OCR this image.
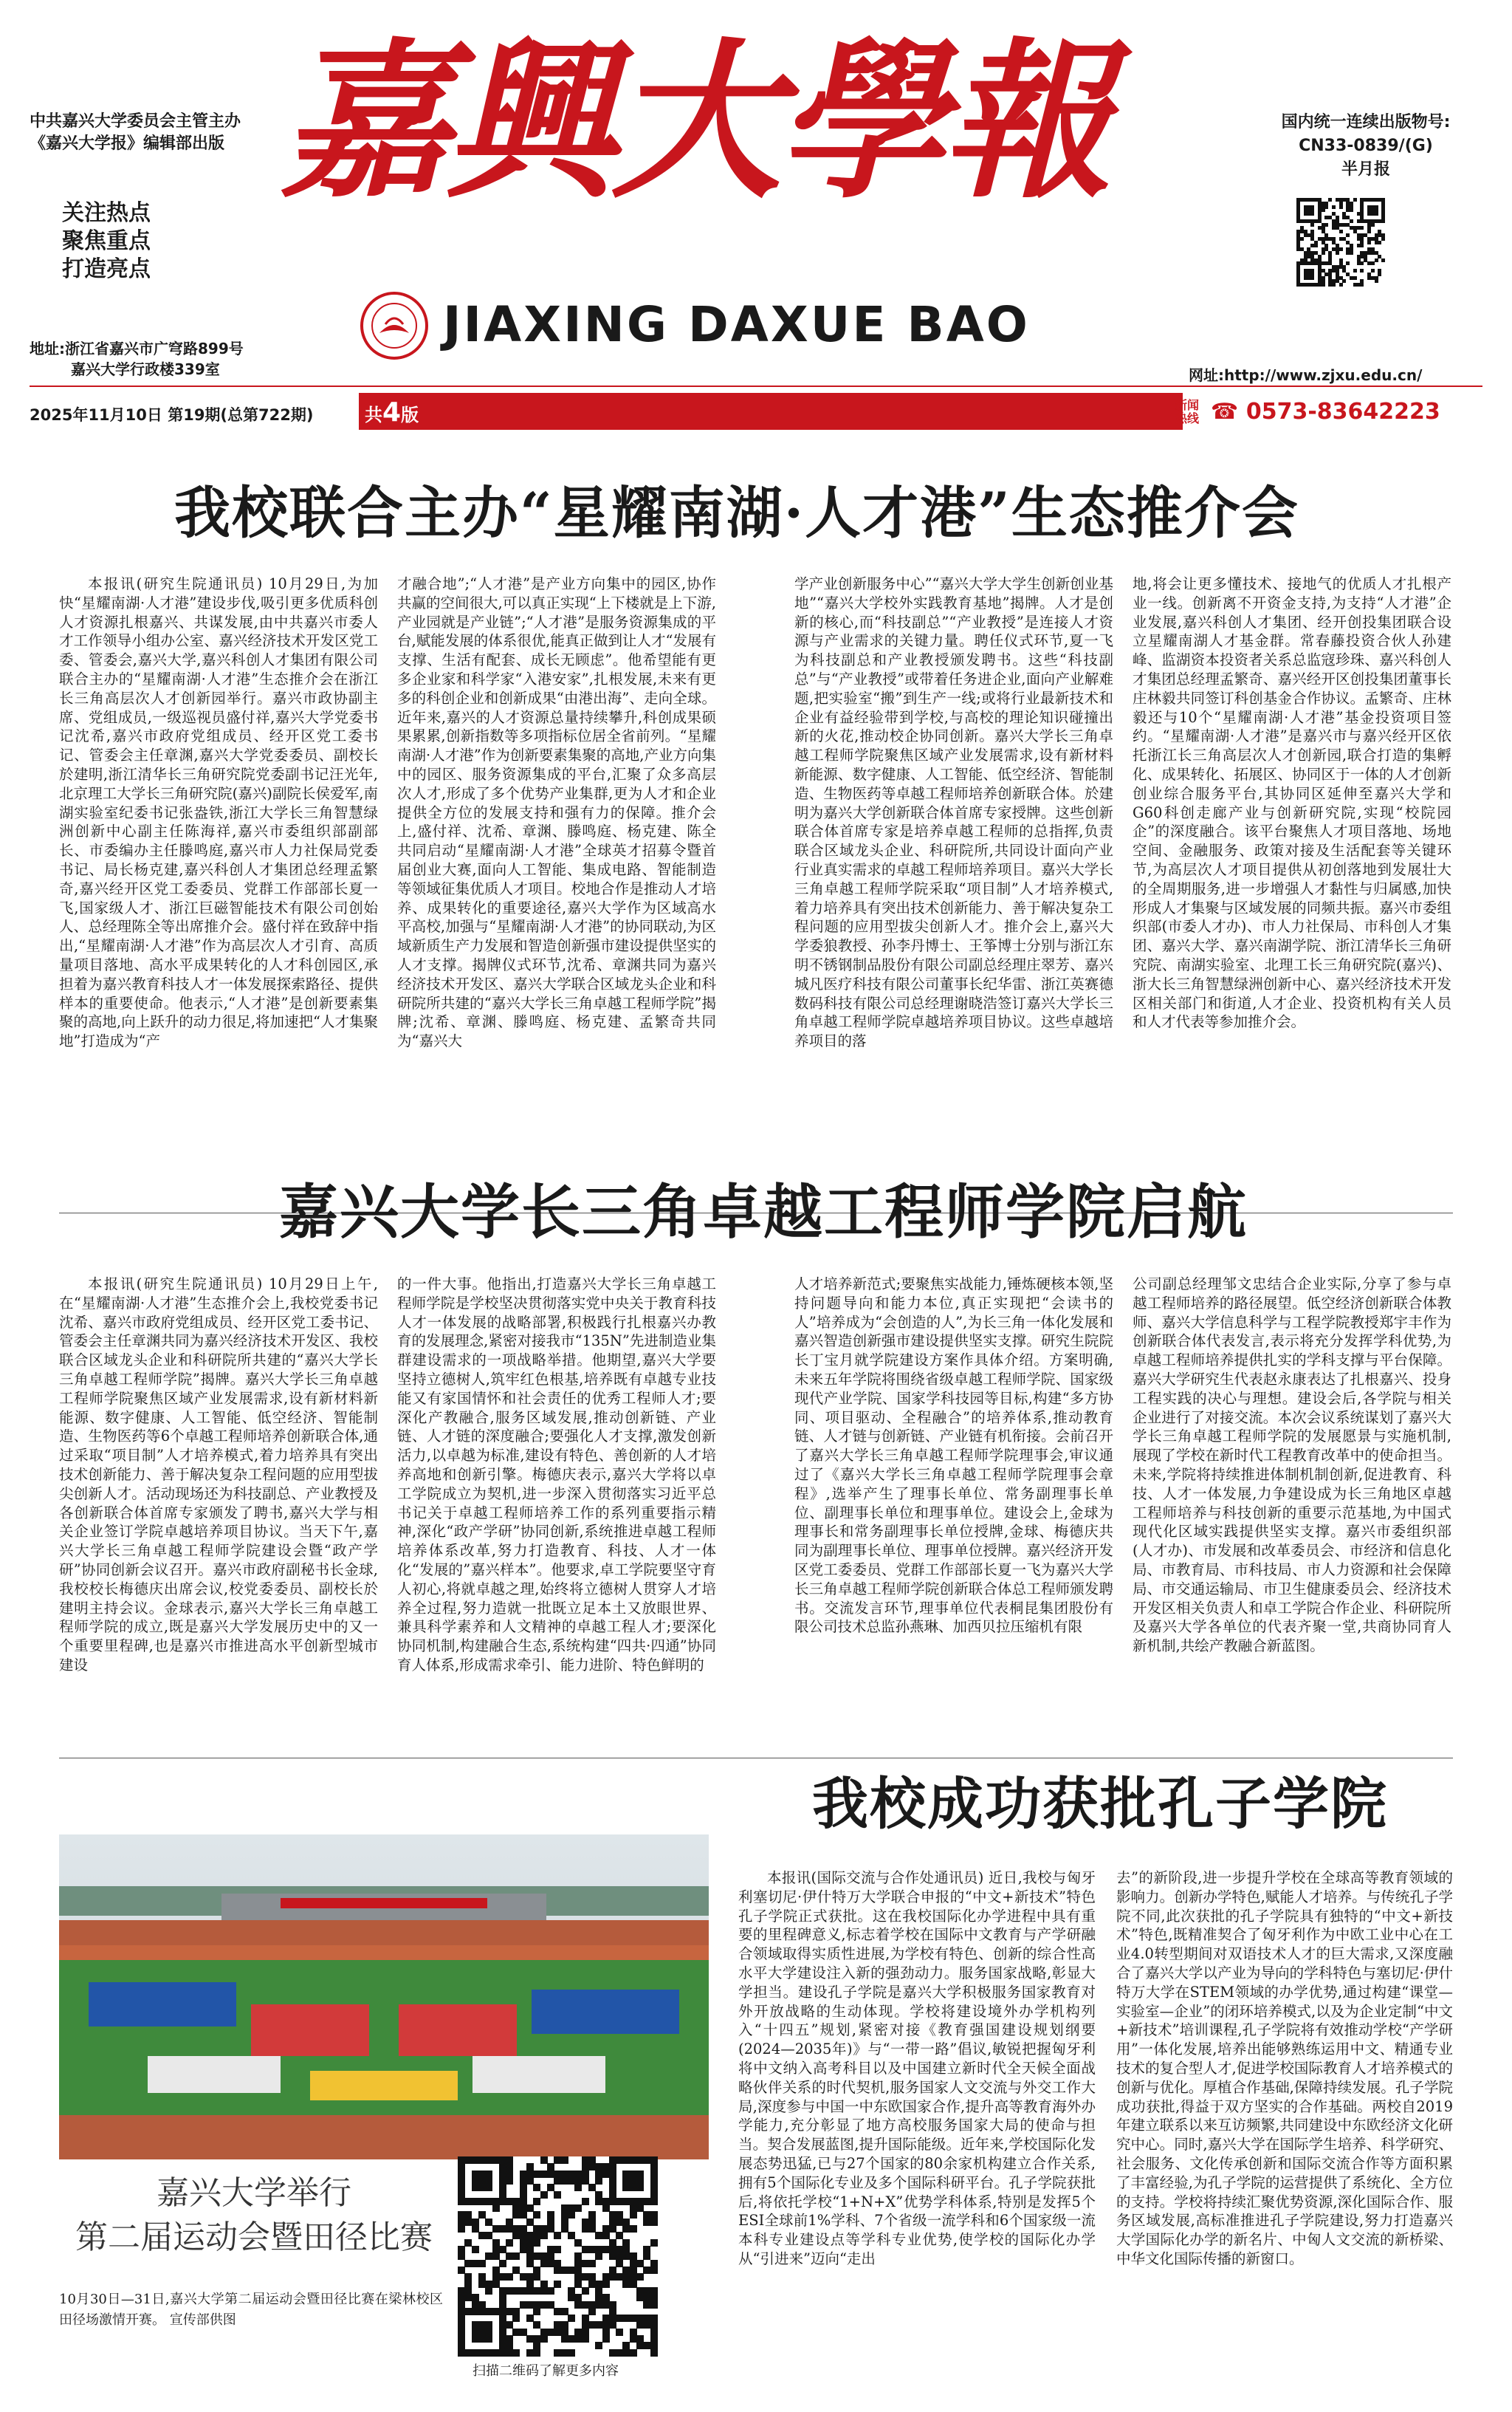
中共嘉兴大学委员会主管主办
《嘉兴大学报》编辑部出版
关注热点
聚焦重点
打造亮点
地址:浙江省嘉兴市广穹路899号
嘉兴大学行政楼339室
嘉興大學報
JIAXING DAXUE BAO
国内统一连续出版物号:
CN33-0839/(G)
半月报
网址:http://www.zjxu.edu.cn/
2025年11月10日 第19期(总第722期)	共4版	新闻热线 ☎ 0573-83642223
我校联合主办“星耀南湖·人才港”生态推介会

本报讯(研究生院通讯员) 10月29日,为加快“星耀南湖·人才港”建设步伐,吸引更多优质科创人才资源扎根嘉兴、共谋发展,由中共嘉兴市委人才工作领导小组办公室、嘉兴经济技术开发区党工委、管委会,嘉兴大学,嘉兴科创人才集团有限公司联合主办的“星耀南湖·人才港”生态推介会在浙江长三角高层次人才创新园举行。嘉兴市政协副主席、党组成员,一级巡视员盛付祥,嘉兴大学党委书记沈希,嘉兴市政府党组成员、经开区党工委书记、管委会主任章渊,嘉兴大学党委委员、副校长於建明,浙江清华长三角研究院党委副书记汪光年,北京理工大学长三角研究院(嘉兴)副院长侯爱军,南湖实验室纪委书记张盎铁,浙江大学长三角智慧绿洲创新中心副主任陈海祥,嘉兴市委组织部副部长、市委编办主任滕鸣庭,嘉兴市人力社保局党委书记、局长杨克建,嘉兴科创人才集团总经理孟繁奇,嘉兴经开区党工委委员、党群工作部部长夏一飞,国家级人才、浙江巨磁智能技术有限公司创始人、总经理陈全等出席推介会。盛付祥在致辞中指出,“星耀南湖·人才港”作为高层次人才引育、高质量项目落地、高水平成果转化的人才科创园区,承担着为嘉兴教育科技人才一体发展探索路径、提供样本的重要使命。他表示,“人才港”是创新要素集聚的高地,向上跃升的动力很足,将加速把“人才集聚地”打造成为“产

才融合地”;“人才港”是产业方向集中的园区,协作共赢的空间很大,可以真正实现“上下楼就是上下游,产业园就是产业链”;“人才港”是服务资源集成的平台,赋能发展的体系很优,能真正做到让人才“发展有支撑、生活有配套、成长无顾虑”。他希望能有更多企业家和科学家“入港安家”,扎根发展,未来有更多的科创企业和创新成果“由港出海”、走向全球。近年来,嘉兴的人才资源总量持续攀升,科创成果硕果累累,创新指数等多项指标位居全省前列。“星耀南湖·人才港”作为创新要素集聚的高地,产业方向集中的园区、服务资源集成的平台,汇聚了众多高层次人才,形成了多个优势产业集群,更为人才和企业提供全方位的发展支持和强有力的保障。推介会上,盛付祥、沈希、章渊、滕鸣庭、杨克建、陈全共同启动“星耀南湖·人才港”全球英才招募令暨首届创业大赛,面向人工智能、集成电路、智能制造等领域征集优质人才项目。校地合作是推动人才培养、成果转化的重要途径,嘉兴大学作为区域高水平高校,加强与“星耀南湖·人才港”的协同联动,为区域新质生产力发展和智造创新强市建设提供坚实的人才支撑。揭牌仪式环节,沈希、章渊共同为嘉兴经济技术开发区、嘉兴大学联合区域龙头企业和科研院所共建的“嘉兴大学长三角卓越工程师学院”揭牌;沈希、章渊、滕鸣庭、杨克建、孟繁奇共同为“嘉兴大

学产业创新服务中心”“嘉兴大学大学生创新创业基地”“嘉兴大学校外实践教育基地”揭牌。人才是创新的核心,而“科技副总”“产业教授”是连接人才资源与产业需求的关键力量。聘任仪式环节,夏一飞为科技副总和产业教授颁发聘书。这些“科技副总”与“产业教授”或带着任务进企业,面向产业解难题,把实验室“搬”到生产一线;或将行业最新技术和企业有益经验带到学校,与高校的理论知识碰撞出新的火花,推动校企协同创新。嘉兴大学长三角卓越工程师学院聚焦区域产业发展需求,设有新材料新能源、数字健康、人工智能、低空经济、智能制造、生物医药等卓越工程师培养创新联合体。於建明为嘉兴大学创新联合体首席专家授牌。这些创新联合体首席专家是培养卓越工程师的总指挥,负责联合区域龙头企业、科研院所,共同设计面向产业行业真实需求的卓越工程师培养项目。嘉兴大学长三角卓越工程师学院采取“项目制”人才培养模式,着力培养具有突出技术创新能力、善于解决复杂工程问题的应用型拔尖创新人才。推介会上,嘉兴大学委狼教授、孙李丹博士、王筝博士分别与浙江东明不锈钢制品股份有限公司副总经理庄翠芳、嘉兴城凡医疗科技有限公司董事长纪华雷、浙江英赛德数码科技有限公司总经理谢晓浩签订嘉兴大学长三角卓越工程师学院卓越培养项目协议。这些卓越培养项目的落

地,将会让更多懂技术、接地气的优质人才扎根产业一线。创新离不开资金支持,为支持“人才港”企业发展,嘉兴科创人才集团、经开创投集团联合设立星耀南湖人才基金群。常春藤投资合伙人孙建峰、监湖资本投资者关系总监寇珍珠、嘉兴科创人才集团总经理孟繁奇、嘉兴经开区创投集团董事长庄林毅共同签订科创基金合作协议。孟繁奇、庄林毅还与10个“星耀南湖·人才港”基金投资项目签约。“星耀南湖·人才港”是嘉兴市与嘉兴经开区依托浙江长三角高层次人才创新园,联合打造的集孵化、成果转化、拓展区、协同区于一体的人才创新创业综合服务平台,其协同区延伸至嘉兴大学和G60科创走廊产业与创新研究院,实现“校院园企”的深度融合。该平台聚焦人才项目落地、场地空间、金融服务、政策对接及生活配套等关键环节,为高层次人才项目提供从初创落地到发展壮大的全周期服务,进一步增强人才黏性与归属感,加快形成人才集聚与区域发展的同频共振。嘉兴市委组织部(市委人才办)、市人力社保局、市科创人才集团、嘉兴大学、嘉兴南湖学院、浙江清华长三角研究院、南湖实验室、北理工长三角研究院(嘉兴)、浙大长三角智慧绿洲创新中心、嘉兴经济技术开发区相关部门和街道,人才企业、投资机构有关人员和人才代表等参加推介会。

嘉兴大学长三角卓越工程师学院启航

本报讯(研究生院通讯员) 10月29日上午,在“星耀南湖·人才港”生态推介会上,我校党委书记沈希、嘉兴市政府党组成员、经开区党工委书记、管委会主任章渊共同为嘉兴经济技术开发区、我校联合区域龙头企业和科研院所共建的“嘉兴大学长三角卓越工程师学院”揭牌。嘉兴大学长三角卓越工程师学院聚焦区域产业发展需求,设有新材料新能源、数字健康、人工智能、低空经济、智能制造、生物医药等6个卓越工程师培养创新联合体,通过采取“项目制”人才培养模式,着力培养具有突出技术创新能力、善于解决复杂工程问题的应用型拔尖创新人才。活动现场还为科技副总、产业教授及各创新联合体首席专家颁发了聘书,嘉兴大学与相关企业签订学院卓越培养项目协议。当天下午,嘉兴大学长三角卓越工程师学院建设会暨“政产学研”协同创新会议召开。嘉兴市政府副秘书长金球,我校校长梅德庆出席会议,校党委委员、副校长於建明主持会议。金球表示,嘉兴大学长三角卓越工程师学院的成立,既是嘉兴大学发展历史中的又一个重要里程碑,也是嘉兴市推进高水平创新型城市建设

的一件大事。他指出,打造嘉兴大学长三角卓越工程师学院是学校坚决贯彻落实党中央关于教育科技人才一体发展的战略部署,积极践行扎根嘉兴办教育的发展理念,紧密对接我市“135N”先进制造业集群建设需求的一项战略举措。他期望,嘉兴大学要坚持立德树人,筑牢红色根基,培养既有卓越专业技能又有家国情怀和社会责任的优秀工程师人才;要深化产教融合,服务区域发展,推动创新链、产业链、人才链的深度融合;要强化人才支撑,激发创新活力,以卓越为标准,建设有特色、善创新的人才培养高地和创新引擎。梅德庆表示,嘉兴大学将以卓工学院成立为契机,进一步深入贯彻落实习近平总书记关于卓越工程师培养工作的系列重要指示精神,深化“政产学研”协同创新,系统推进卓越工程师培养体系改革,努力打造教育、科技、人才一体化“发展的”嘉兴样本”。他要求,卓工学院要坚守育人初心,将就卓越之理,始终将立德树人贯穿人才培养全过程,努力造就一批既立足本土又放眼世界、兼具科学素养和人文精神的卓越工程人才;要深化协同机制,构建融合生态,系统构建“四共·四通”协同育人体系,形成需求牵引、能力进阶、特色鲜明的

人才培养新范式;要聚焦实战能力,锤炼硬核本领,坚持问题导向和能力本位,真正实现把“会读书的人”培养成为“会创造的人”,为长三角一体化发展和嘉兴智造创新强市建设提供坚实支撑。研究生院院长丁宝月就学院建设方案作具体介绍。方案明确,未来五年学院将围绕省级卓越工程师学院、国家级现代产业学院、国家学科技园等目标,构建“多方协同、项目驱动、全程融合”的培养体系,推动教育链、人才链与创新链、产业链有机衔接。会前召开了嘉兴大学长三角卓越工程师学院理事会,审议通过了《嘉兴大学长三角卓越工程师学院理事会章程》,选举产生了理事长单位、常务副理事长单位、副理事长单位和理事单位。建设会上,金球为理事长和常务副理事长单位授牌,金球、梅德庆共同为副理事长单位、理事单位授牌。嘉兴经济开发区党工委委员、党群工作部部长夏一飞为嘉兴大学长三角卓越工程师学院创新联合体总工程师颁发聘书。交流发言环节,理事单位代表桐昆集团股份有限公司技术总监孙燕琳、加西贝拉压缩机有限

公司副总经理邹文忠结合企业实际,分享了参与卓越工程师培养的路径展望。低空经济创新联合体教师、嘉兴大学信息科学与工程学院教授郑宇丰作为创新联合体代表发言,表示将充分发挥学科优势,为卓越工程师培养提供扎实的学科支撑与平台保障。嘉兴大学研究生代表赵永康表达了扎根嘉兴、投身工程实践的决心与理想。建设会后,各学院与相关企业进行了对接交流。本次会议系统谋划了嘉兴大学长三角卓越工程师学院的发展愿景与实施机制,展现了学校在新时代工程教育改革中的使命担当。未来,学院将持续推进体制机制创新,促进教育、科技、人才一体发展,力争建设成为长三角地区卓越工程师培养与科技创新的重要示范基地,为中国式现代化区域实践提供坚实支撑。嘉兴市委组织部(人才办)、市发展和改革委员会、市经济和信息化局、市教育局、市科技局、市人力资源和社会保障局、市交通运输局、市卫生健康委员会、经济技术开发区相关负责人和卓工学院合作企业、科研院所及嘉兴大学各单位的代表齐聚一堂,共商协同育人新机制,共绘产教融合新蓝图。

我校成功获批孔子学院

本报讯(国际交流与合作处通讯员) 近日,我校与匈牙利塞切尼·伊什特万大学联合申报的“中文+新技术”特色孔子学院正式获批。这在我校国际化办学进程中具有重要的里程碑意义,标志着学校在国际中文教育与产学研融合领域取得实质性进展,为学校有特色、创新的综合性高水平大学建设注入新的强劲动力。服务国家战略,彰显大学担当。建设孔子学院是嘉兴大学积极服务国家教育对外开放战略的生动体现。学校将建设境外办学机构列入“十四五”规划,紧密对接《教育强国建设规划纲要(2024—2035年)》与“一带一路”倡议,敏锐把握匈牙利将中文纳入高考科目以及中国建立新时代全天候全面战略伙伴关系的时代契机,服务国家人文交流与外交工作大局,深度参与中国一中东欧国家合作,提升高等教育海外办学能力,充分彰显了地方高校服务国家大局的使命与担当。契合发展蓝图,提升国际能级。近年来,学校国际化发展态势迅猛,已与27个国家的80余家机构建立合作关系,拥有5个国际化专业及多个国际科研平台。孔子学院获批后,将依托学校“1+N+X”优势学科体系,特别是发挥5个ESI全球前1%学科、7个省级一流学科和6个国家级一流本科专业建设点等学科专业优势,使学校的国际化办学从“引进来”迈向“走出

去”的新阶段,进一步提升学校在全球高等教育领域的影响力。创新办学特色,赋能人才培养。与传统孔子学院不同,此次获批的孔子学院具有独特的“中文+新技术”特色,既精准契合了匈牙利作为中欧工业中心在工业4.0转型期间对双语技术人才的巨大需求,又深度融合了嘉兴大学以产业为导向的学科特色与塞切尼·伊什特万大学在STEM领域的办学优势,通过构建“课堂—实验室—企业”的闭环培养模式,以及为企业定制“中文+新技术”培训课程,孔子学院将有效推动学校“产学研用”一体化发展,培养出能够熟练运用中文、精通专业技术的复合型人才,促进学校国际教育人才培养模式的创新与优化。厚植合作基础,保障持续发展。孔子学院成功获批,得益于双方坚实的合作基础。两校自2019年建立联系以来互访频繁,共同建设中东欧经济文化研究中心。同时,嘉兴大学在国际学生培养、科学研究、社会服务、文化传承创新和国际交流合作等方面积累了丰富经验,为孔子学院的运营提供了系统化、全方位的支持。学校将持续汇聚优势资源,深化国际合作、服务区域发展,高标准推进孔子学院建设,努力打造嘉兴大学国际化办学的新名片、中匈人文交流的新桥梁、中华文化国际传播的新窗口。

嘉兴大学举行
第二届运动会暨田径比赛
扫描二维码了解更多内容
10月30日—31日,嘉兴大学第二届运动会暨田径比赛在梁林校区田径场激情开赛。 宣传部供图
